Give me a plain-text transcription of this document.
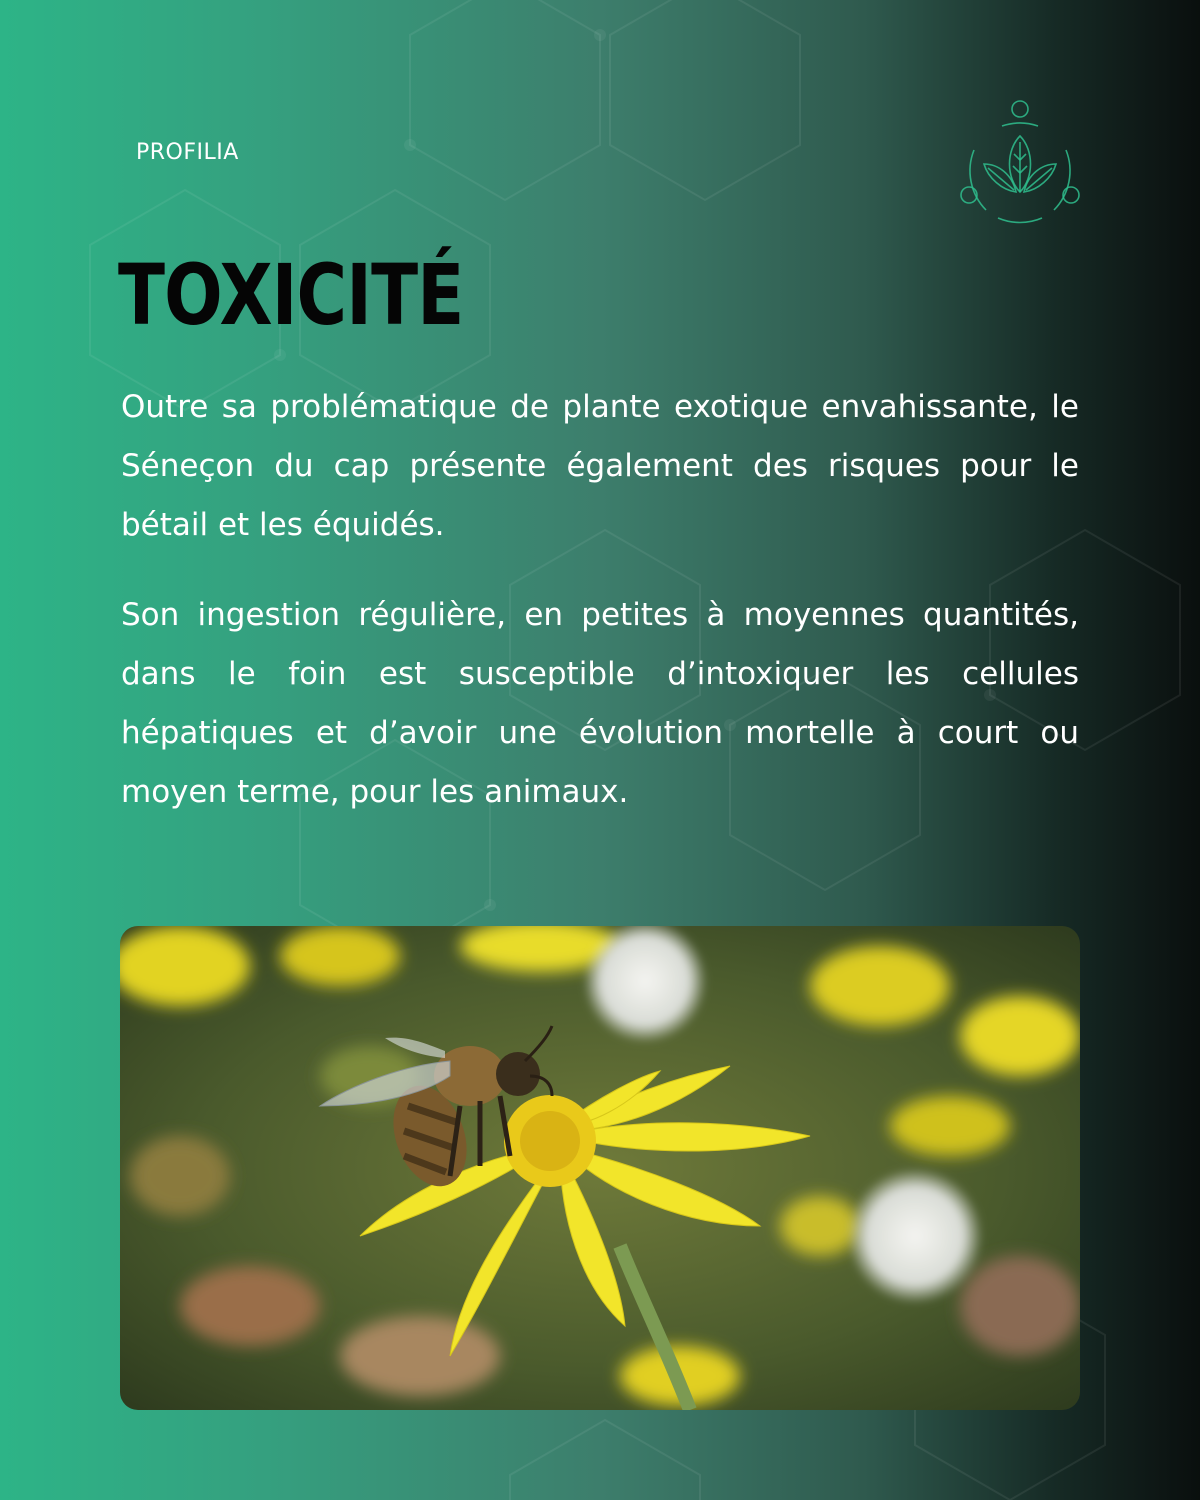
PROFILIA
TOXICITÉ

Outre sa problématique de plante exotique envahissante, le Séneçon du cap présente également des risques pour le bétail et les équidés.

Son ingestion régulière, en petites à moyennes quantités, dans le foin est susceptible d’intoxiquer les cellules hépatiques et d’avoir une évolution mortelle à court ou moyen terme, pour les animaux.
